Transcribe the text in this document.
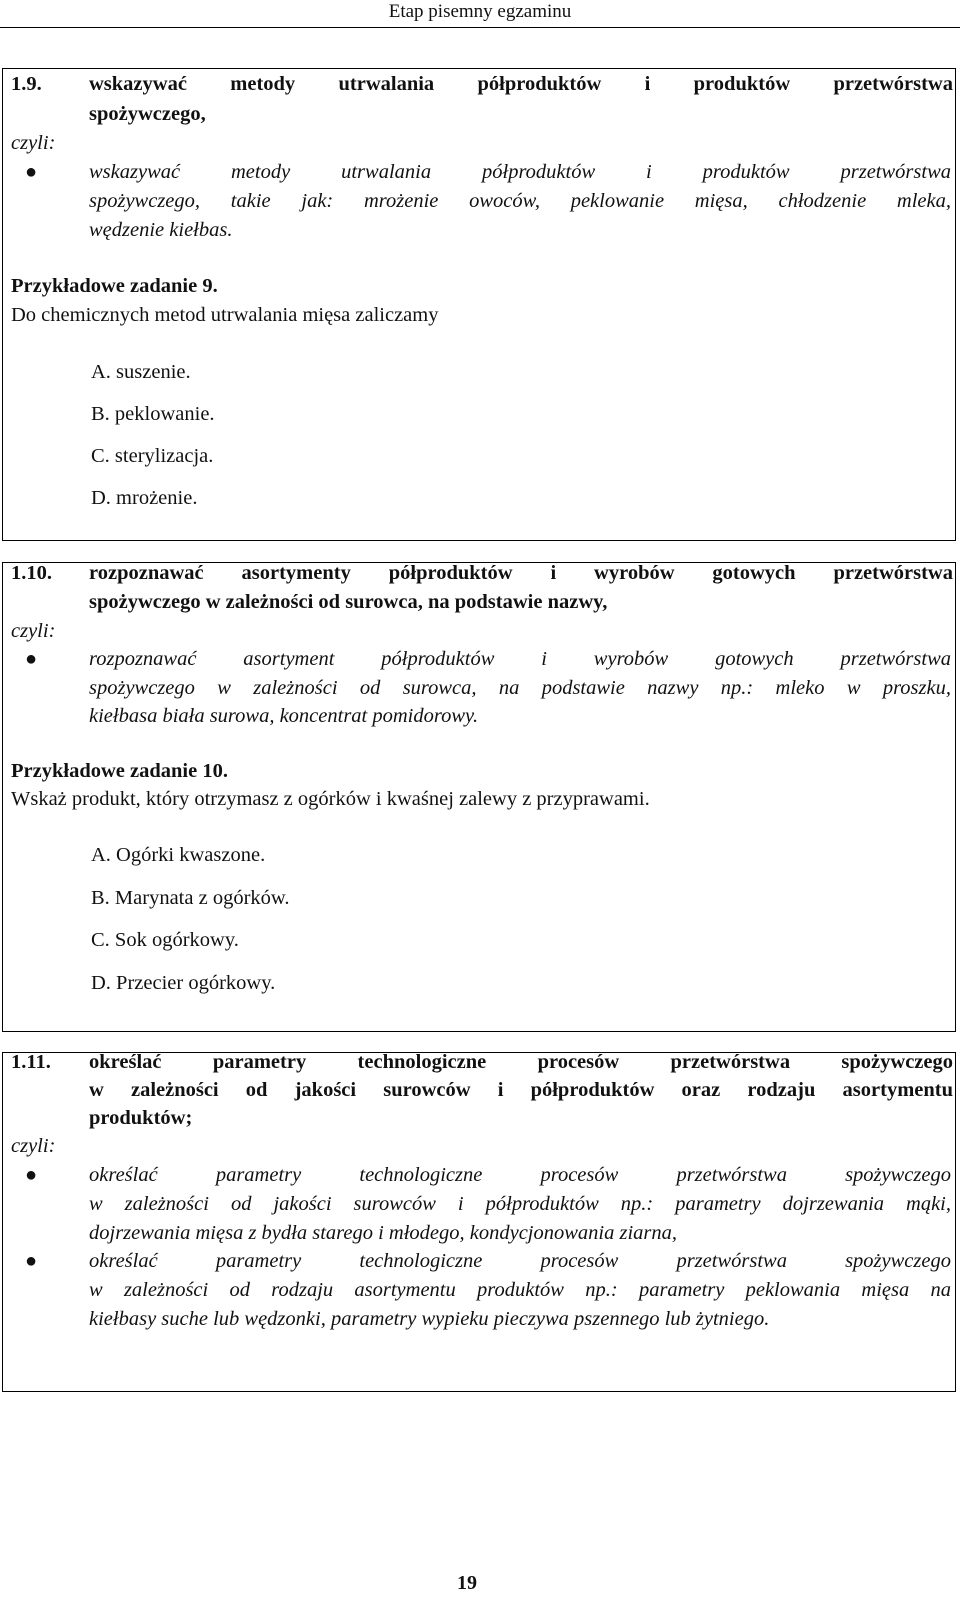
Etap pisemny egzaminu
1.9. wskazywać metody utrwalania półproduktów i produktów przetwórstwa
spożywczego,
czyli:
●	wskazywać metody utrwalania półproduktów i produktów przetwórstwa
spożywczego, takie jak: mrożenie owoców, peklowanie mięsa, chłodzenie mleka,
wędzenie kiełbas.
Przykładowe zadanie 9.
Do chemicznych metod utrwalania mięsa zaliczamy
A. suszenie.
B. peklowanie.
C. sterylizacja.
D. mrożenie.
1.10. rozpoznawać asortymenty półproduktów i wyrobów gotowych przetwórstwa
spożywczego w zależności od surowca, na podstawie nazwy,
czyli:
●	rozpoznawać asortyment półproduktów i wyrobów gotowych przetwórstwa
spożywczego w zależności od surowca, na podstawie nazwy np.: mleko w proszku,
kiełbasa biała surowa, koncentrat pomidorowy.
Przykładowe zadanie 10.
Wskaż produkt, który otrzymasz z ogórków i kwaśnej zalewy z przyprawami.
A. Ogórki kwaszone.
B. Marynata z ogórków.
C. Sok ogórkowy.
D. Przecier ogórkowy.
1.11. określać parametry technologiczne procesów przetwórstwa spożywczego
w zależności od jakości surowców i półproduktów oraz rodzaju asortymentu
produktów;
czyli:
●	określać parametry technologiczne procesów przetwórstwa spożywczego
w zależności od jakości surowców i półproduktów np.: parametry dojrzewania mąki,
dojrzewania mięsa z bydła starego i młodego, kondycjonowania ziarna,
●	określać parametry technologiczne procesów przetwórstwa spożywczego
w zależności od rodzaju asortymentu produktów np.: parametry peklowania mięsa na
kiełbasy suche lub wędzonki, parametry wypieku pieczywa pszennego lub żytniego.
19
